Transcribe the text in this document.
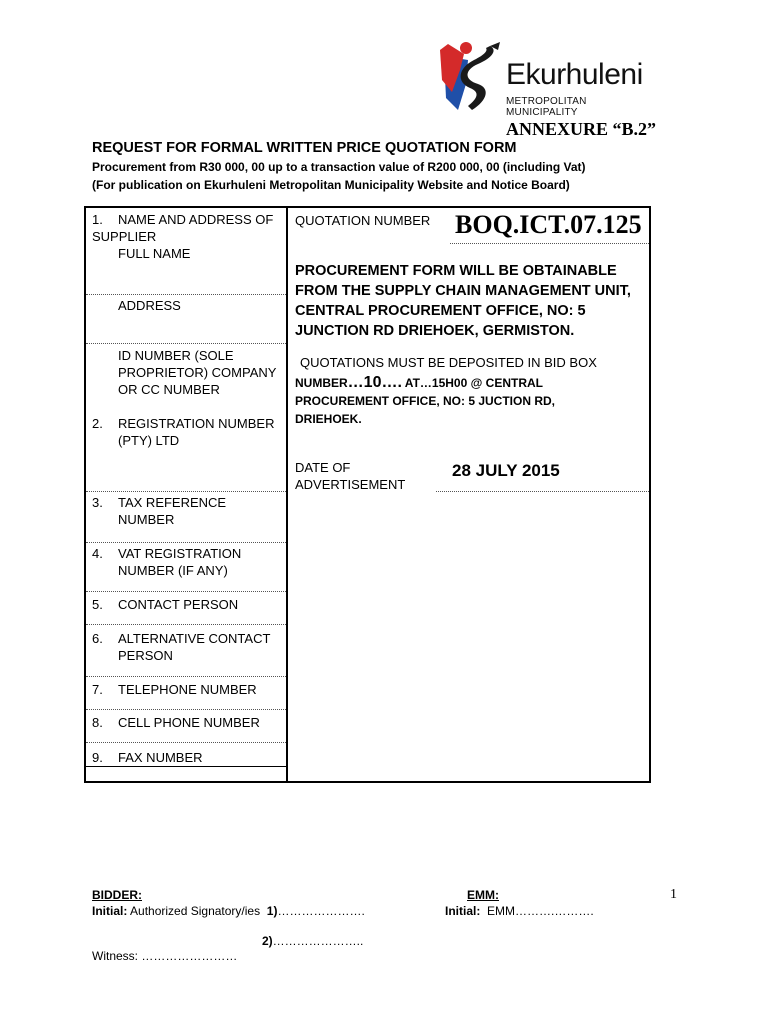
Ekurhuleni
METROPOLITAN MUNICIPALITY
ANNEXURE “B.2”
REQUEST FOR FORMAL WRITTEN PRICE QUOTATION FORM
Procurement from R30 000, 00 up to a transaction value of R200 000, 00 (including Vat)
(For publication on Ekurhuleni Metropolitan Municipality Website and Notice Board)
1. NAME AND ADDRESS OF
SUPPLIER
FULL NAME
ADDRESS
ID NUMBER (SOLE
PROPRIETOR) COMPANY
OR CC NUMBER
2. REGISTRATION NUMBER
(PTY) LTD
3. TAX REFERENCE
NUMBER
4. VAT REGISTRATION
NUMBER (IF ANY)
5. CONTACT PERSON
6. ALTERNATIVE CONTACT
PERSON
7. TELEPHONE NUMBER
8. CELL PHONE NUMBER
9. FAX NUMBER
QUOTATION NUMBER BOQ.ICT.07.125
PROCUREMENT FORM WILL BE OBTAINABLE FROM THE SUPPLY CHAIN MANAGEMENT UNIT, CENTRAL PROCUREMENT OFFICE, NO: 5 JUNCTION RD DRIEHOEK, GERMISTON.
QUOTATIONS MUST BE DEPOSITED IN BID BOX
NUMBER…10…. AT…15H00 @ CENTRAL PROCUREMENT OFFICE, NO: 5 JUCTION RD, DRIEHOEK.
DATE OF
ADVERTISEMENT
28 JULY 2015
1
BIDDER:
Initial: Authorized Signatory/ies 1)………………….
2)…………………..
Witness: ……………………
EMM:
Initial: EMM……….……….
